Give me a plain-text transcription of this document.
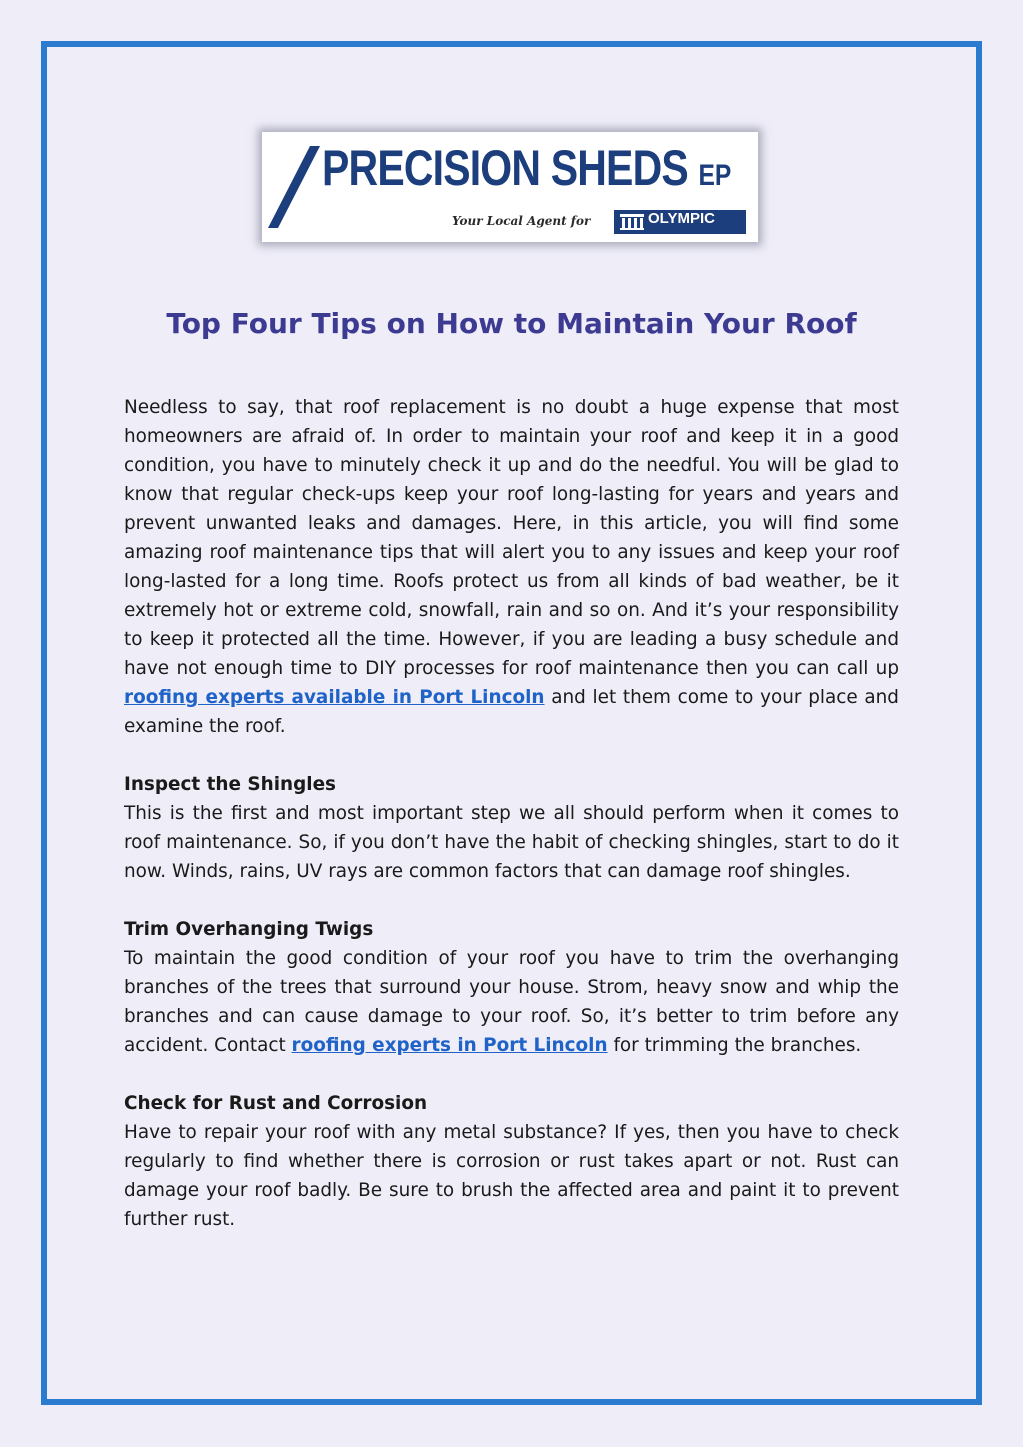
PRECISION SHEDS EP
Your Local Agent for	OLYMPIC
Top Four Tips on How to Maintain Your Roof

Needless to say, that roof replacement is no doubt a huge expense that most homeowners are afraid of. In order to maintain your roof and keep it in a good condition, you have to minutely check it up and do the needful. You will be glad to know that regular check-ups keep your roof long-lasting for years and years and prevent unwanted leaks and damages. Here, in this article, you will find some amazing roof maintenance tips that will alert you to any issues and keep your roof long-lasted for a long time. Roofs protect us from all kinds of bad weather, be it extremely hot or extreme cold, snowfall, rain and so on. And it’s your responsibility to keep it protected all the time. However, if you are leading a busy schedule and have not enough time to DIY processes for roof maintenance then you can call up roofing experts available in Port Lincoln and let them come to your place and examine the roof.

Inspect the Shingles

This is the first and most important step we all should perform when it comes to roof maintenance. So, if you don’t have the habit of checking shingles, start to do it now. Winds, rains, UV rays are common factors that can damage roof shingles.

Trim Overhanging Twigs

To maintain the good condition of your roof you have to trim the overhanging branches of the trees that surround your house. Strom, heavy snow and whip the branches and can cause damage to your roof. So, it’s better to trim before any accident. Contact roofing experts in Port Lincoln for trimming the branches.

Check for Rust and Corrosion

Have to repair your roof with any metal substance? If yes, then you have to check regularly to find whether there is corrosion or rust takes apart or not. Rust can damage your roof badly. Be sure to brush the affected area and paint it to prevent further rust.
